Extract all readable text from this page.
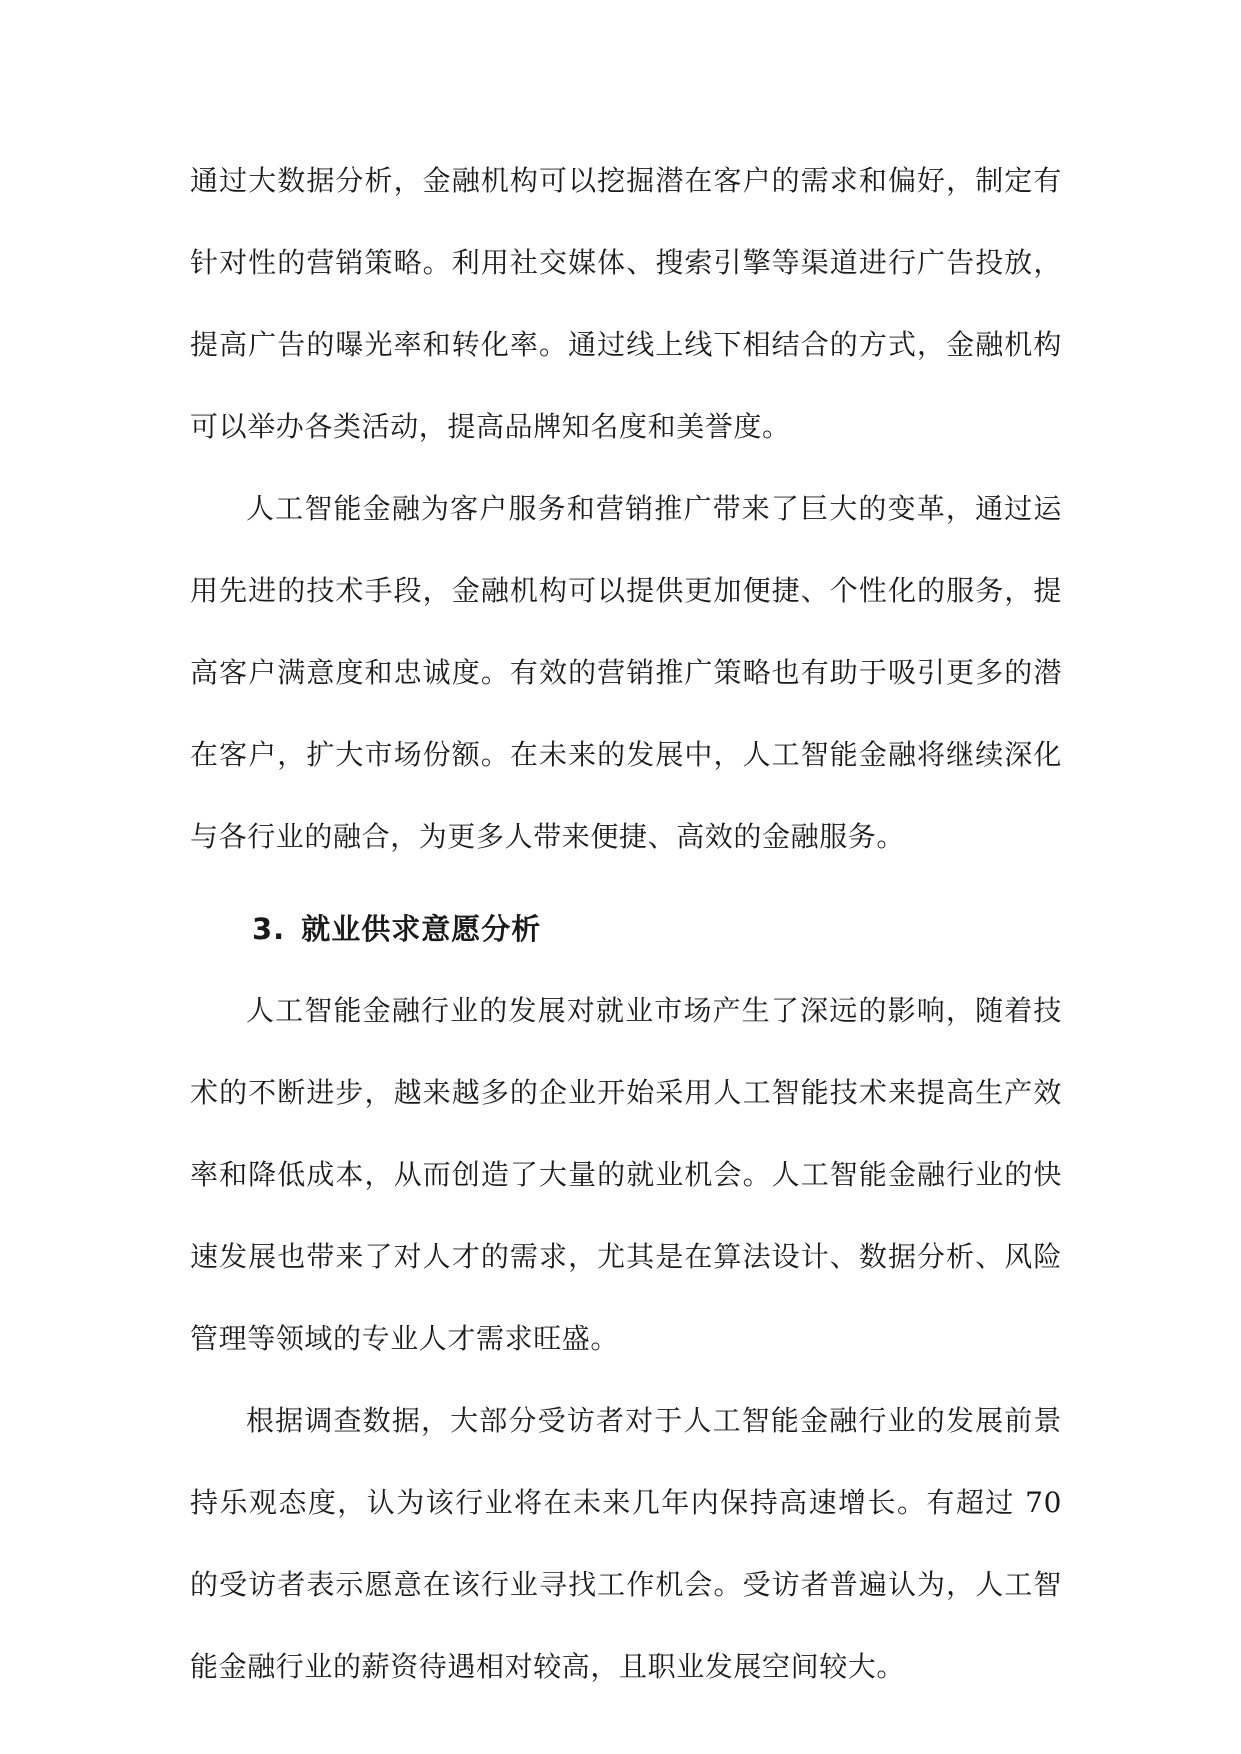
通过大数据分析，金融机构可以挖掘潜在客户的需求和偏好，制定有针对性的营销策略。利用社交媒体、搜索引擎等渠道进行广告投放，提高广告的曝光率和转化率。通过线上线下相结合的方式，金融机构可以举办各类活动，提高品牌知名度和美誉度。

人工智能金融为客户服务和营销推广带来了巨大的变革，通过运用先进的技术手段，金融机构可以提供更加便捷、个性化的服务，提高客户满意度和忠诚度。有效的营销推广策略也有助于吸引更多的潜在客户，扩大市场份额。在未来的发展中，人工智能金融将继续深化与各行业的融合，为更多人带来便捷、高效的金融服务。

3. 就业供求意愿分析

人工智能金融行业的发展对就业市场产生了深远的影响，随着技术的不断进步，越来越多的企业开始采用人工智能技术来提高生产效率和降低成本，从而创造了大量的就业机会。人工智能金融行业的快速发展也带来了对人才的需求，尤其是在算法设计、数据分析、风险管理等领域的专业人才需求旺盛。

根据调查数据，大部分受访者对于人工智能金融行业的发展前景持乐观态度，认为该行业将在未来几年内保持高速增长。有超过 70 的受访者表示愿意在该行业寻找工作机会。受访者普遍认为，人工智能金融行业的薪资待遇相对较高，且职业发展空间较大。
